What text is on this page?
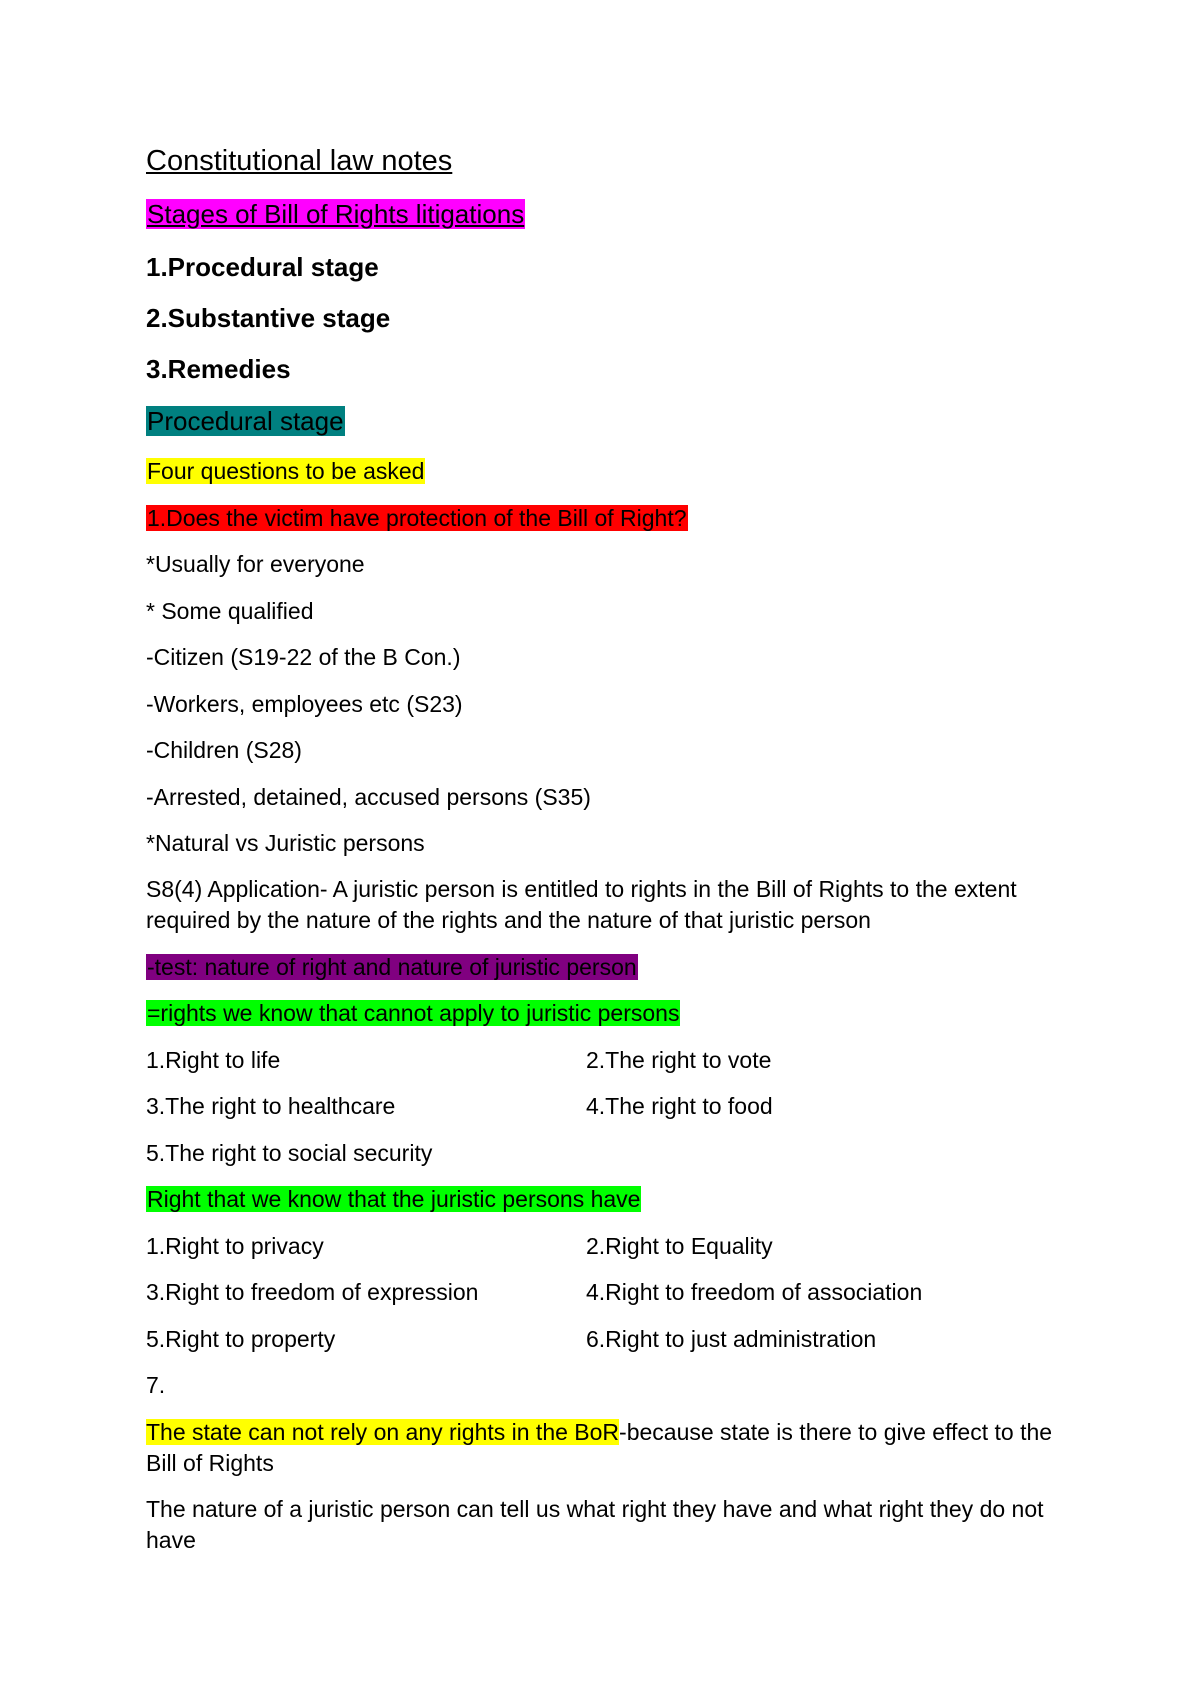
Constitutional law notes
Stages of Bill of Rights litigations
1.Procedural stage
2.Substantive stage
3.Remedies
Procedural stage
Four questions to be asked
1.Does the victim have protection of the Bill of Right?
*Usually for everyone
* Some qualified
-Citizen (S19-22 of the B Con.)
-Workers, employees etc (S23)
-Children (S28)
-Arrested, detained, accused persons (S35)
*Natural vs Juristic persons
S8(4) Application- A juristic person is entitled to rights in the Bill of Rights to the extent required by the nature of the rights and the nature of that juristic person
-test: nature of right and nature of juristic person
=rights we know that cannot apply to juristic persons
1.Right to life	2.The right to vote
3.The right to healthcare	4.The right to food
5.The right to social security
Right that we know that the juristic persons have
1.Right to privacy	2.Right to Equality
3.Right to freedom of expression	4.Right to freedom of association
5.Right to property	6.Right to just administration
7.
The state can not rely on any rights in the BoR-because state is there to give effect to the Bill of Rights
The nature of a juristic person can tell us what right they have and what right they do not have
